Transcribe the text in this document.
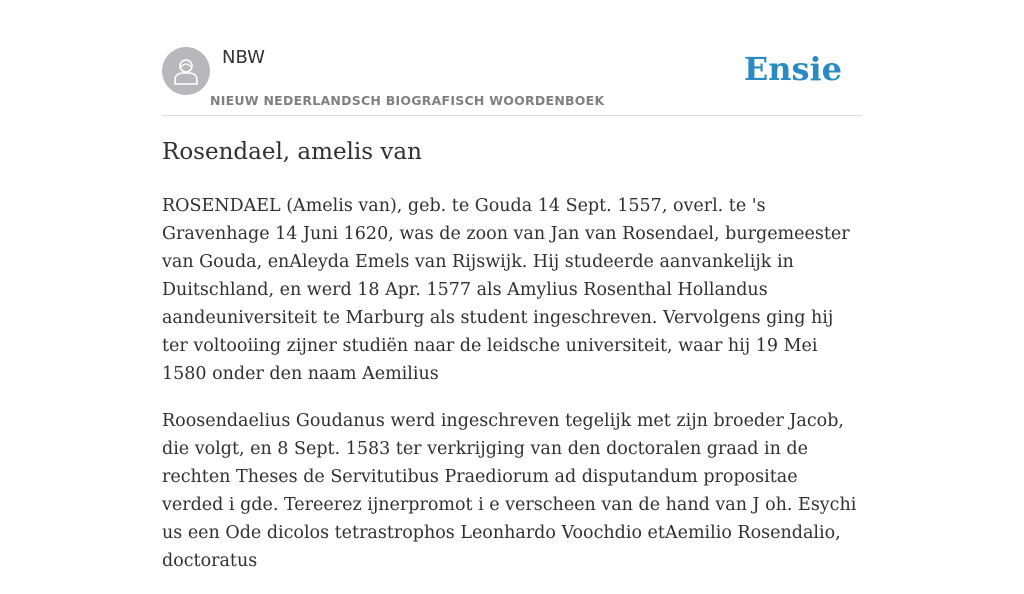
NBW
NIEUW NEDERLANDSCH BIOGRAFISCH WOORDENBOEK
Ensie
Rosendael, amelis van

ROSENDAEL (Amelis van), geb. te Gouda 14 Sept. 1557, overl. te 's Gravenhage 14 Juni 1620, was de zoon van Jan van Rosendael, burgemeester van Gouda, enAleyda Emels van Rijswijk. Hij studeerde aanvankelijk in Duitschland, en werd 18 Apr. 1577 als Amylius Rosenthal Hollandus aandeuniversiteit te Marburg als student ingeschreven. Vervolgens ging hij ter voltooiing zijner studiën naar de leidsche universiteit, waar hij 19 Mei 1580 onder den naam Aemilius

Roosendaelius Goudanus werd ingeschreven tegelijk met zijn broeder Jacob, die volgt, en 8 Sept. 1583 ter verkrijging van den doctoralen graad in de rechten Theses de Servitutibus Praediorum ad disputandum propositae verded i gde. Tereerez ijnerpromot i e verscheen van de hand van J oh. Esychi us een Ode dicolos tetrastrophos Leonhardo Voochdio etAemilio Rosendalio, doctoratus
